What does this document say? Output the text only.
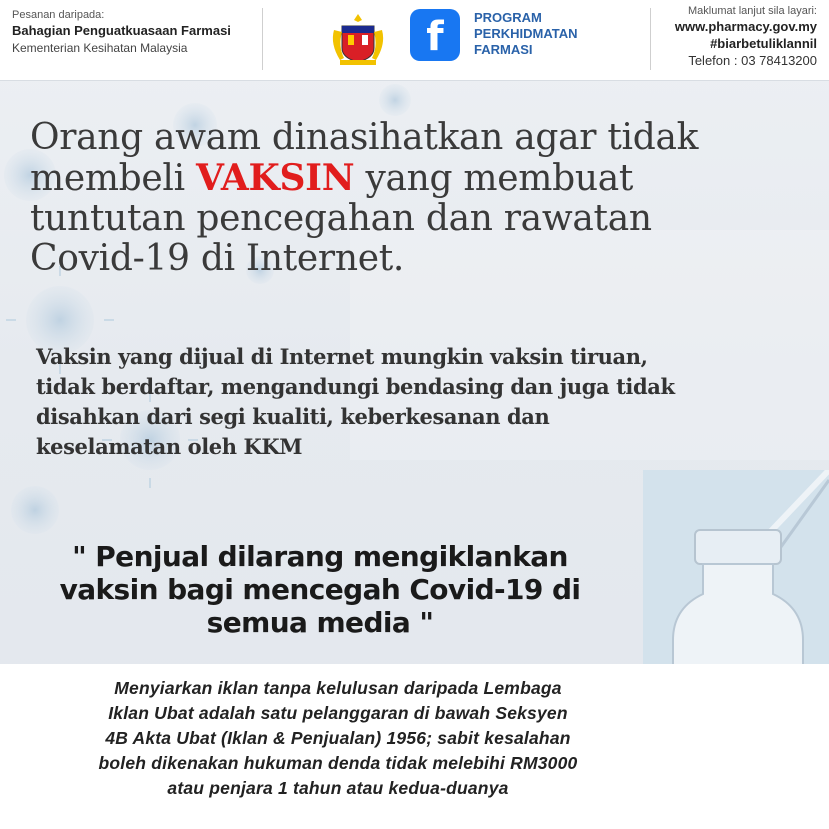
Pesanan daripada:
Bahagian Penguatkuasaan Farmasi
Kementerian Kesihatan Malaysia	f	PROGRAM
PERKHIDMATAN
FARMASI
Maklumat lanjut sila layari:
www.pharmacy.gov.my
#biarbetuliklannil
Telefon : 03 78413200
Orang awam dinasihatkan agar tidak
membeli VAKSIN yang membuat
tuntutan pencegahan dan rawatan
Covid-19 di Internet.
Vaksin yang dijual di Internet mungkin vaksin tiruan,
tidak berdaftar, mengandungi bendasing dan juga tidak
disahkan dari segi kualiti, keberkesanan dan
keselamatan oleh KKM
" Penjual dilarang mengiklankan
vaksin bagi mencegah Covid-19 di
semua media "
Menyiarkan iklan tanpa kelulusan daripada Lembaga
Iklan Ubat adalah satu pelanggaran di bawah Seksyen
4B Akta Ubat (Iklan & Penjualan) 1956; sabit kesalahan
boleh dikenakan hukuman denda tidak melebihi RM3000
atau penjara 1 tahun atau kedua-duanya
